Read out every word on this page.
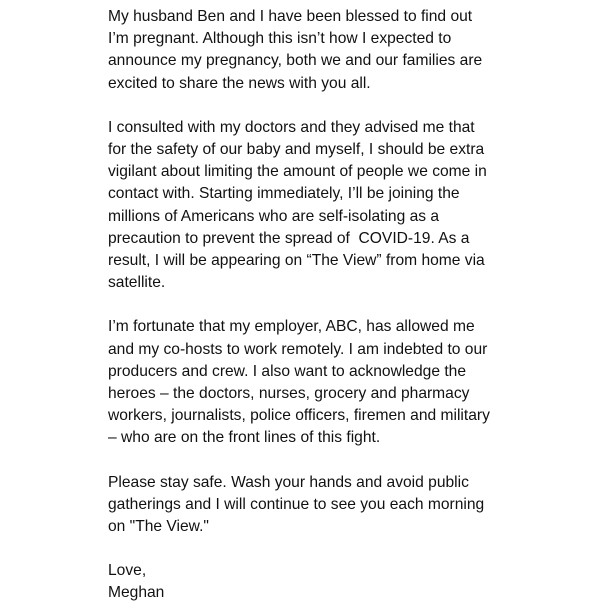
My husband Ben and I have been blessed to find out
I’m pregnant. Although this isn’t how I expected to
announce my pregnancy, both we and our families are
excited to share the news with you all.

I consulted with my doctors and they advised me that
for the safety of our baby and myself, I should be extra
vigilant about limiting the amount of people we come in
contact with. Starting immediately, I’ll be joining the
millions of Americans who are self-isolating as a
precaution to prevent the spread of  COVID-19. As a
result, I will be appearing on “The View” from home via
satellite.

I’m fortunate that my employer, ABC, has allowed me
and my co-hosts to work remotely. I am indebted to our
producers and crew. I also want to acknowledge the
heroes – the doctors, nurses, grocery and pharmacy
workers, journalists, police officers, firemen and military
– who are on the front lines of this fight.

Please stay safe. Wash your hands and avoid public
gatherings and I will continue to see you each morning
on "The View."

Love,
Meghan
